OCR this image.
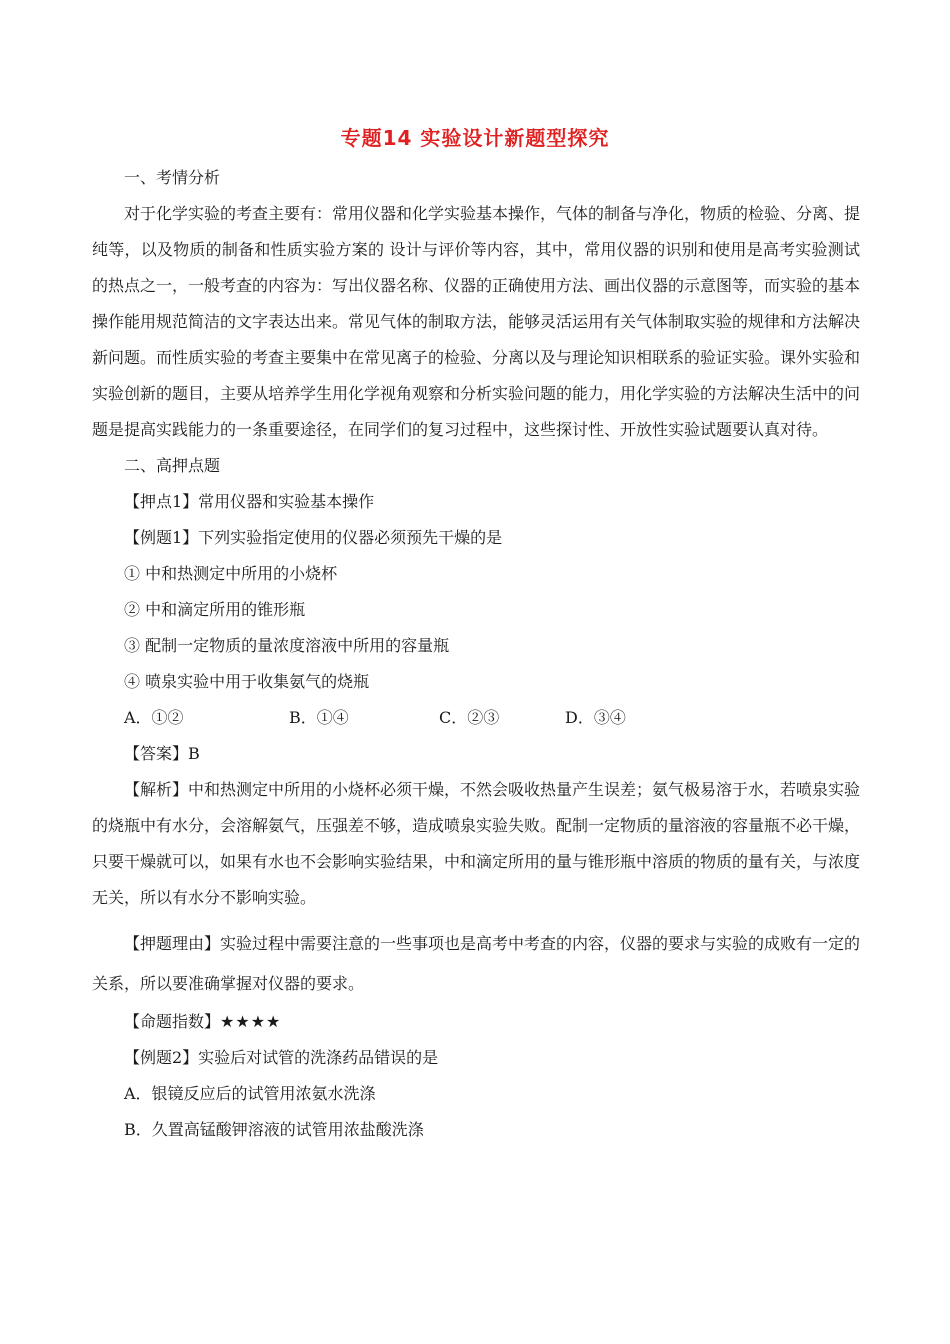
专题14 实验设计新题型探究
一、考情分析

对于化学实验的考查主要有：常用仪器和化学实验基本操作，气体的制备与净化，物质的检验、分离、提纯等，以及物质的制备和性质实验方案的 设计与评价等内容，其中，常用仪器的识别和使用是高考实验测试的热点之一，一般考查的内容为：写出仪器名称、仪器的正确使用方法、画出仪器的示意图等，而实验的基本操作能用规范简洁的文字表达出来。常见气体的制取方法，能够灵活运用有关气体制取实验的规律和方法解决新问题。而性质实验的考查主要集中在常见离子的检验、分离以及与理论知识相联系的验证实验。课外实验和实验创新的题目，主要从培养学生用化学视角观察和分析实验问题的能力，用化学实验的方法解决生活中的问题是提高实践能力的一条重要途径，在同学们的复习过程中，这些探讨性、开放性实验试题要认真对待。

二、高押点题
【押点1】常用仪器和实验基本操作
【例题1】下列实验指定使用的仪器必须预先干燥的是
① 中和热测定中所用的小烧杯
② 中和滴定所用的锥形瓶
③ 配制一定物质的量浓度溶液中所用的容量瓶
④ 喷泉实验中用于收集氨气的烧瓶
A．①②	B．①④	C．②③	D．③④
【答案】B

【解析】中和热测定中所用的小烧杯必须干燥，不然会吸收热量产生误差；氨气极易溶于水，若喷泉实验的烧瓶中有水分，会溶解氨气，压强差不够，造成喷泉实验失败。配制一定物质的量溶液的容量瓶不必干燥，只要干燥就可以，如果有水也不会影响实验结果，中和滴定所用的量与锥形瓶中溶质的物质的量有关，与浓度无关，所以有水分不影响实验。

【押题理由】实验过程中需要注意的一些事项也是高考中考查的内容，仪器的要求与实验的成败有一定的关系，所以要准确掌握对仪器的要求。

【命题指数】★★★★
【例题2】实验后对试管的洗涤药品错误的是
A．银镜反应后的试管用浓氨水洗涤
B．久置高锰酸钾溶液的试管用浓盐酸洗涤
